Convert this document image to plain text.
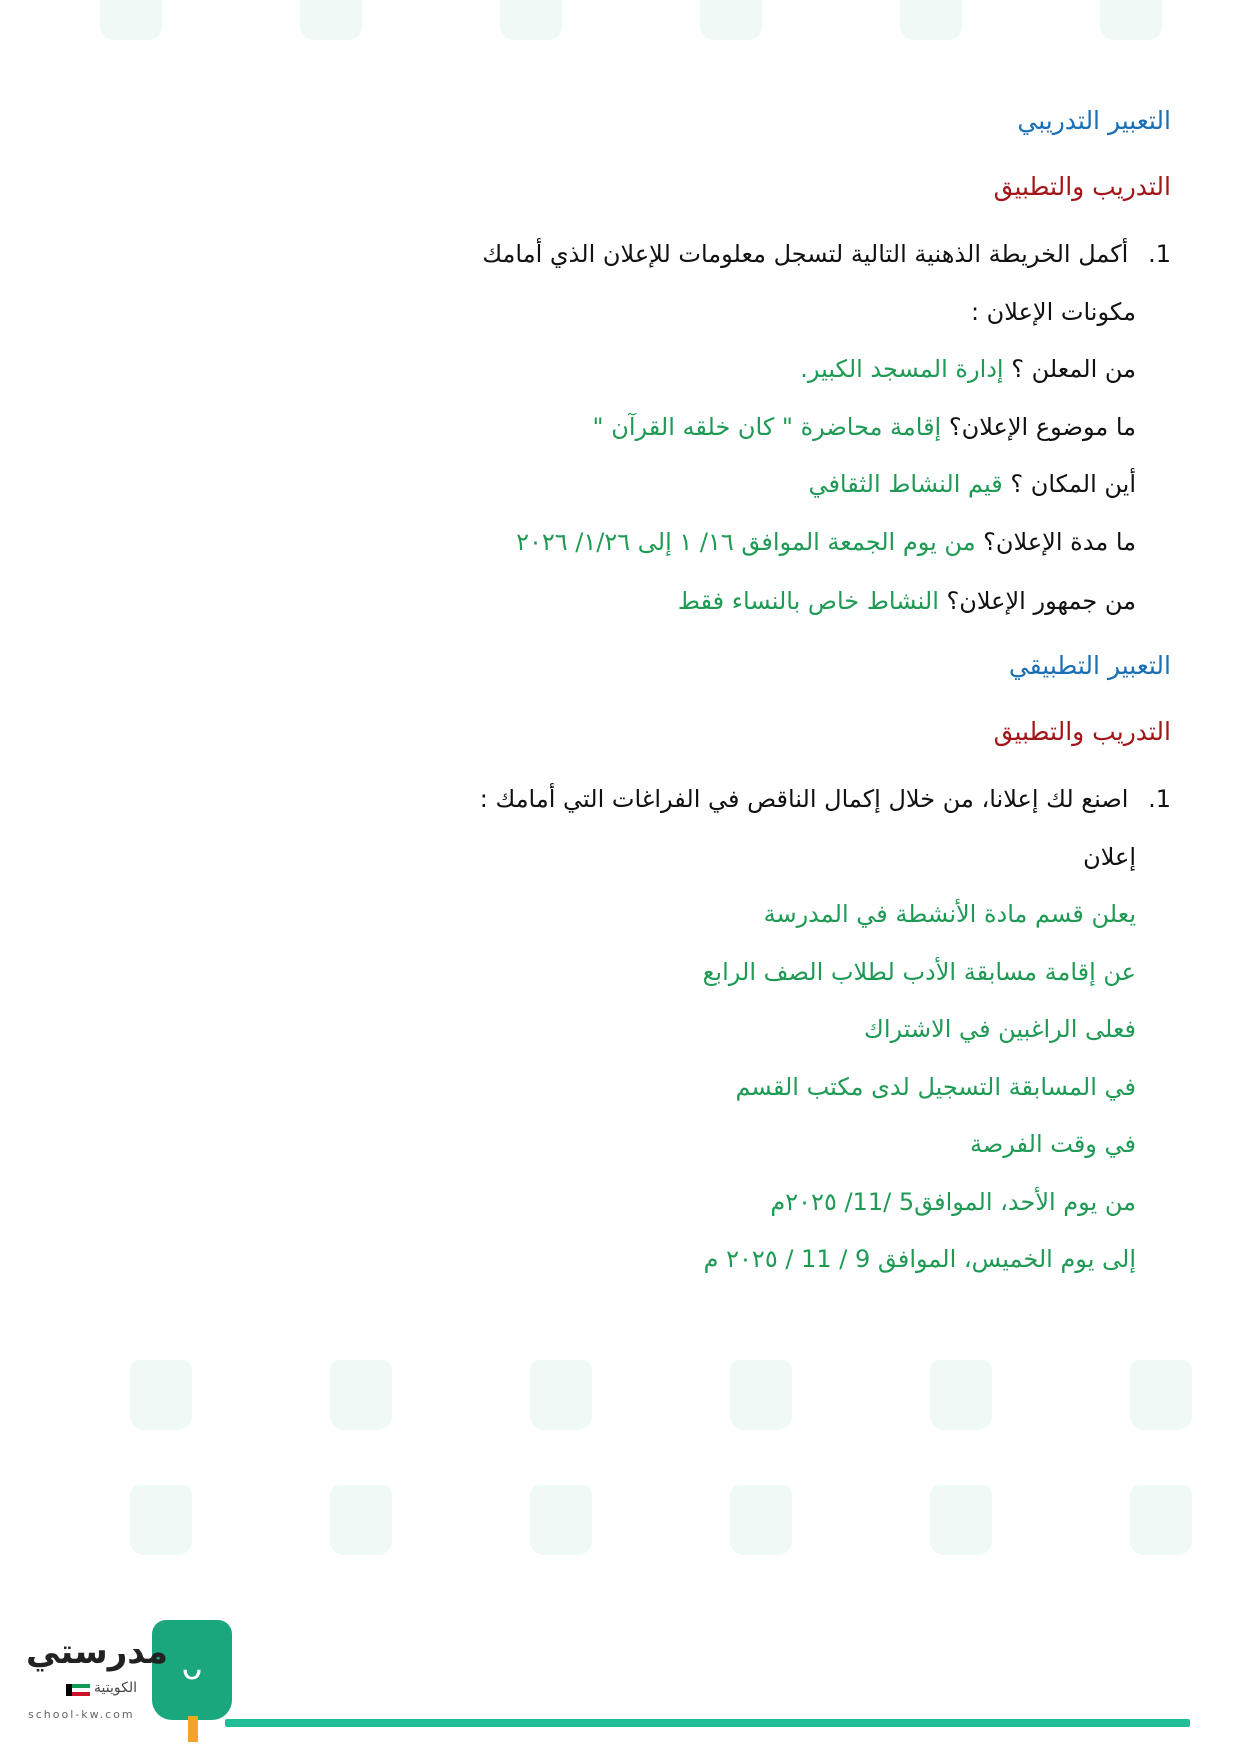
التعبير التدريبي
التدريب والتطبيق
1. أكمل الخريطة الذهنية التالية لتسجل معلومات للإعلان الذي أمامك
مكونات الإعلان :
من المعلن ؟ إدارة المسجد الكبير.
ما موضوع الإعلان؟ إقامة محاضرة " كان خلقه القرآن "
أين المكان ؟ قيم النشاط الثقافي
ما مدة الإعلان؟ من يوم الجمعة الموافق ١٦/ ١ إلى ١/٢٦/ ٢٠٢٦
من جمهور الإعلان؟ النشاط خاص بالنساء فقط
التعبير التطبيقي
التدريب والتطبيق
1. اصنع لك إعلانا، من خلال إكمال الناقص في الفراغات التي أمامك :
إعلان
يعلن قسم مادة الأنشطة في المدرسة
عن إقامة مسابقة الأدب لطلاب الصف الرابع
فعلى الراغبين في الاشتراك
في المسابقة التسجيل لدى مكتب القسم
في وقت الفرصة
من يوم الأحد، الموافق5 /11/ ٢٠٢٥م
إلى يوم الخميس، الموافق 9 / 11 / ٢٠٢٥ م
ᴗ
مدرستي
الكويتية
school-kw.com
